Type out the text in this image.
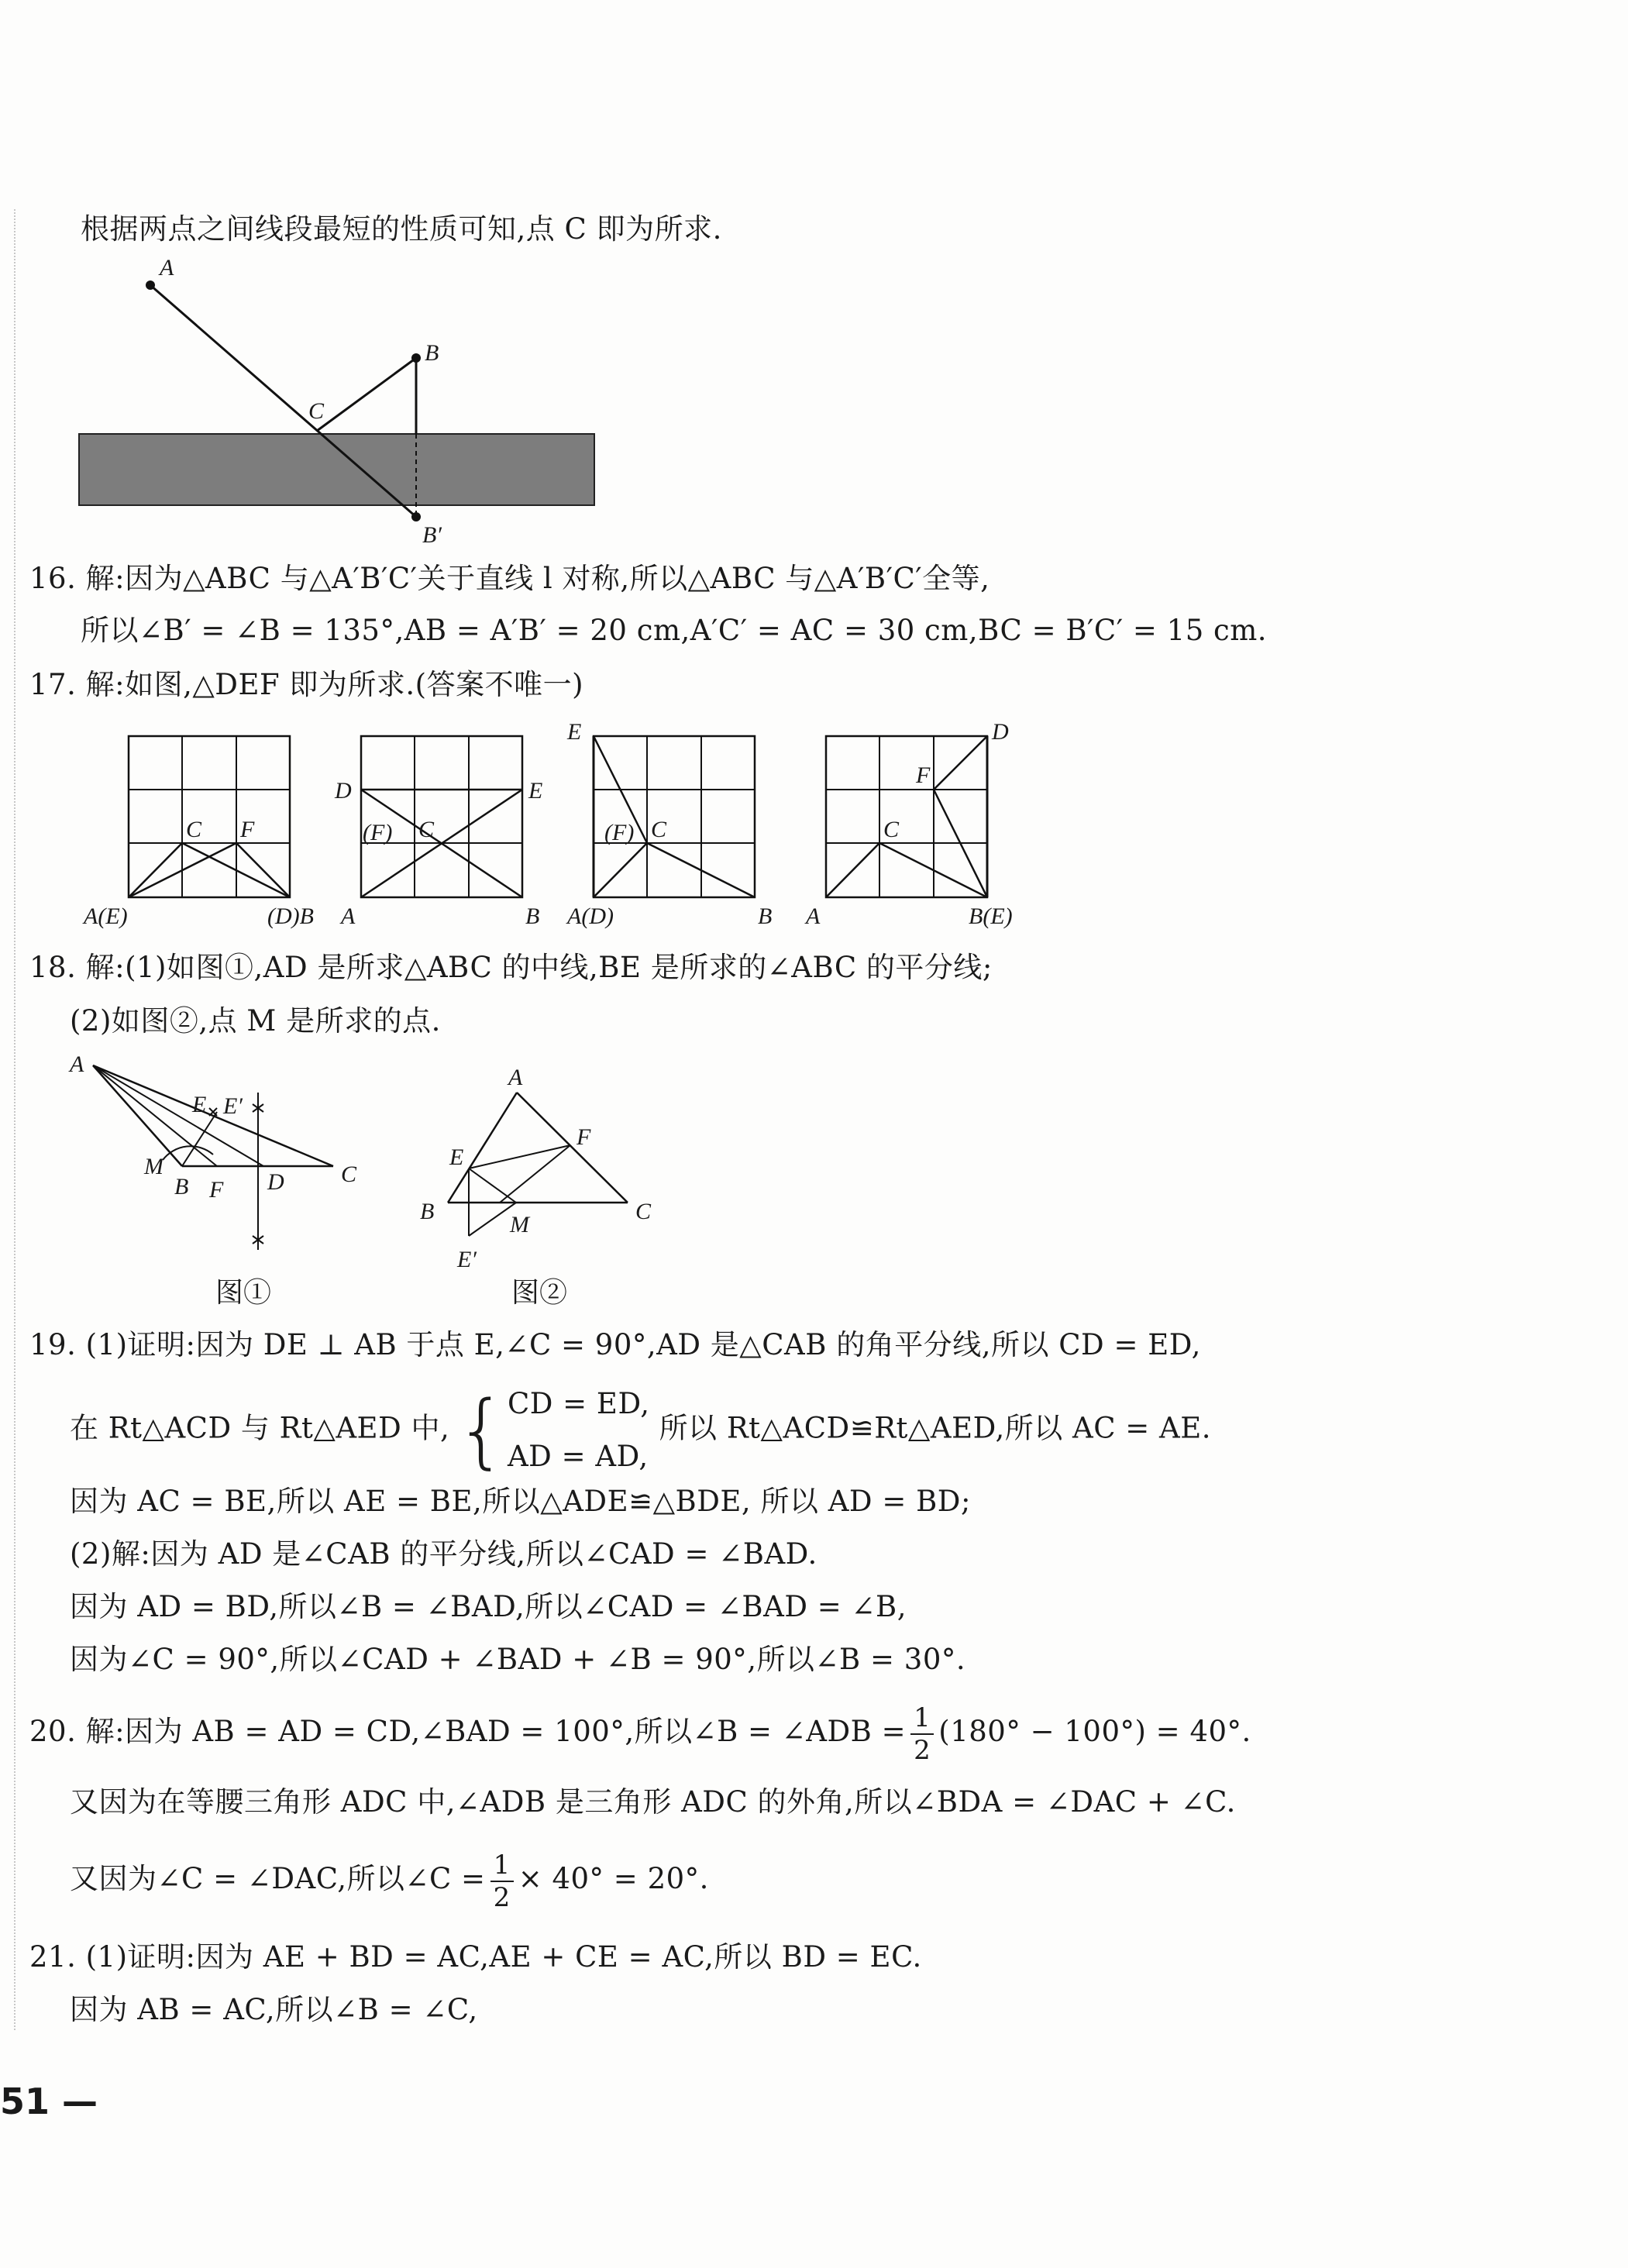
根据两点之间线段最短的性质可知,点 C 即为所求.
A
B
C
B′
16. 解:因为△ABC 与△A′B′C′关于直线 l 对称,所以△ABC 与△A′B′C′全等,
所以∠B′ = ∠B = 135°,AB = A′B′ = 20 cm,A′C′ = AC = 30 cm,BC = B′C′ = 15 cm.
17. 解:如图,△DEF 即为所求.(答案不唯一)
C F
A(E)	(D)B
D	E
(F) C
A	B
E
(F) C
A(D)	B
D
F
C
A	B(E)
18. 解:(1)如图①,AD 是所求△ABC 的中线,BE 是所求的∠ABC 的平分线;
(2)如图②,点 M 是所求的点.
A
E E′
M
B F D C
A
E
F
B
M
C
E′
图①	图②
19. (1)证明:因为 DE ⊥ AB 于点 E,∠C = 90°,AD 是△CAB 的角平分线,所以 CD = ED,
在 Rt△ACD 与 Rt△AED 中,{ CD = ED,
AD = AD,
所以 Rt△ACD≌Rt△AED,所以 AC = AE.
因为 AC = BE,所以 AE = BE,所以△ADE≌△BDE, 所以 AD = BD;
(2)解:因为 AD 是∠CAB 的平分线,所以∠CAD = ∠BAD.
因为 AD = BD,所以∠B = ∠BAD,所以∠CAD = ∠BAD = ∠B,
因为∠C = 90°,所以∠CAD + ∠BAD + ∠B = 90°,所以∠B = 30°.
20. 解:因为 AB = AD = CD,∠BAD = 100°,所以∠B = ∠ADB = $\frac{1}{2} (180^\circ - 100^\circ) = 40^\circ$.
又因为在等腰三角形 ADC 中,∠ADB 是三角形 ADC 的外角,所以∠BDA = ∠DAC + ∠C.
又因为∠C = ∠DAC,所以∠C = $\frac{1}{2} \times 40^\circ = 20^\circ$.
21. (1)证明:因为 AE + BD = AC,AE + CE = AC,所以 BD = EC.
因为 AB = AC,所以∠B = ∠C,
51 —
